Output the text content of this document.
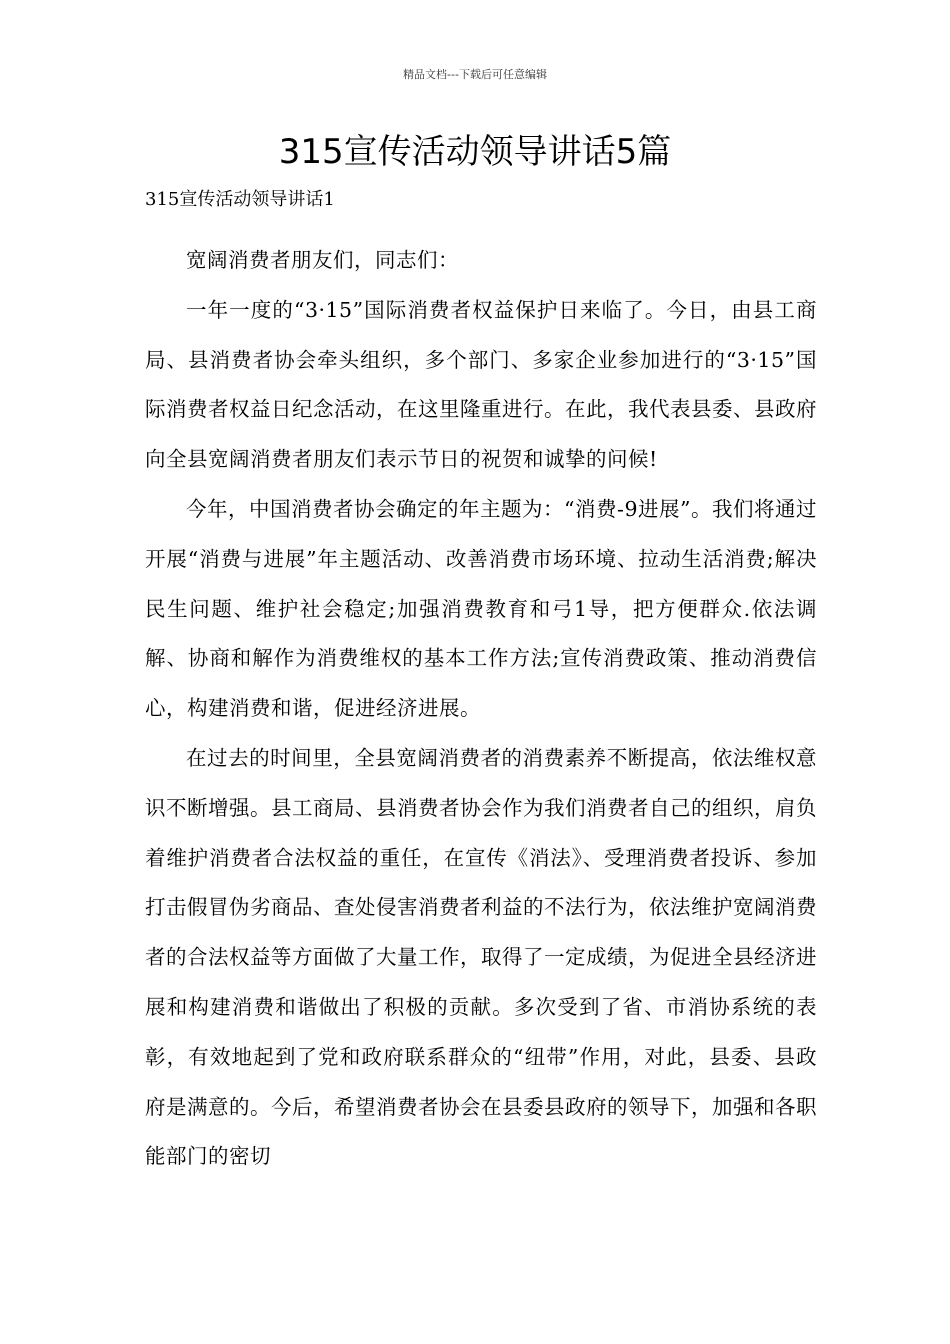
精品文档---下载后可任意编辑
315宣传活动领导讲话5篇

315宣传活动领导讲话1

宽阔消费者朋友们，同志们：

一年一度的“3·15”国际消费者权益保护日来临了。今日，由县工商局、县消费者协会牵头组织，多个部门、多家企业参加进行的“3·15”国际消费者权益日纪念活动，在这里隆重进行。在此，我代表县委、县政府向全县宽阔消费者朋友们表示节日的祝贺和诚挚的问候!

今年，中国消费者协会确定的年主题为：“消费-9进展”。我们将通过开展“消费与进展”年主题活动、改善消费市场环境、拉动生活消费;解决民生问题、维护社会稳定;加强消费教育和弓1导，把方便群众.依法调解、协商和解作为消费维权的基本工作方法;宣传消费政策、推动消费信心，构建消费和谐，促进经济进展。

在过去的时间里，全县宽阔消费者的消费素养不断提高，依法维权意识不断增强。县工商局、县消费者协会作为我们消费者自己的组织，肩负着维护消费者合法权益的重任，在宣传《消法》、受理消费者投诉、参加打击假冒伪劣商品、查处侵害消费者利益的不法行为，依法维护宽阔消费者的合法权益等方面做了大量工作，取得了一定成绩，为促进全县经济进展和构建消费和谐做出了积极的贡献。多次受到了省、市消协系统的表彰，有效地起到了党和政府联系群众的“纽带”作用，对此，县委、县政府是满意的。今后，希望消费者协会在县委县政府的领导下，加强和各职能部门的密切
